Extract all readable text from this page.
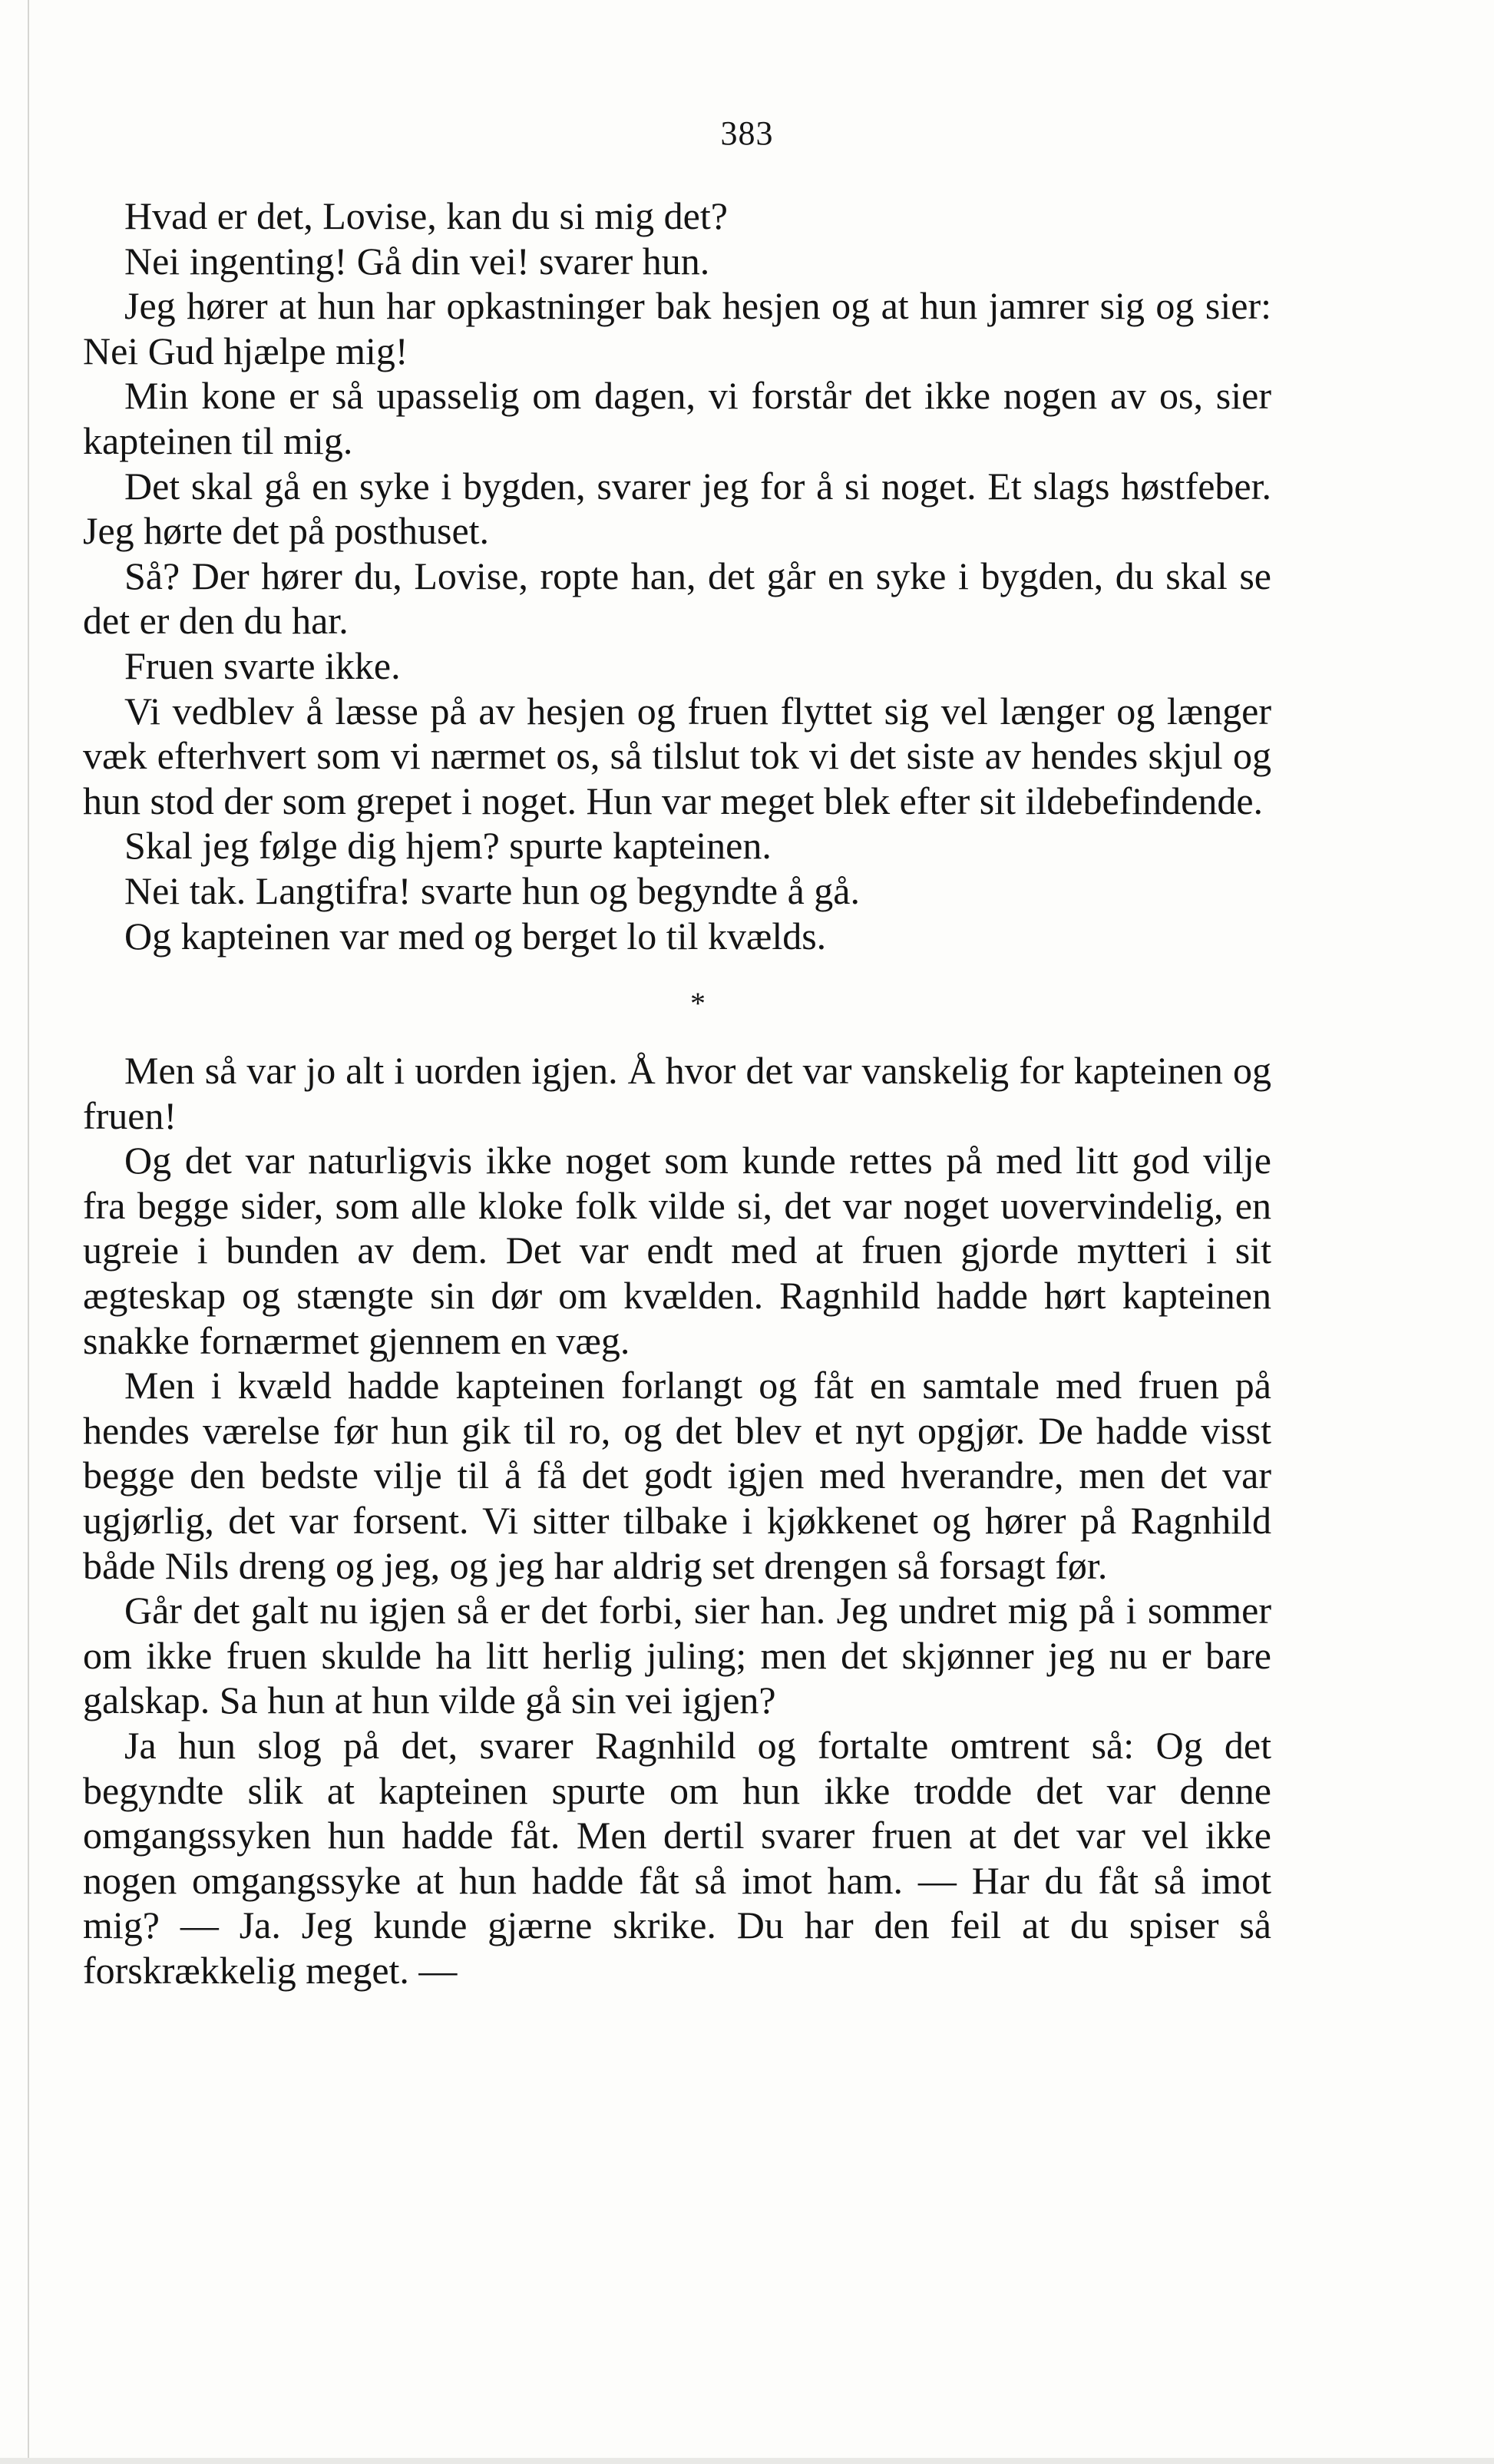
383

Hvad er det, Lovise, kan du si mig det?

Nei ingenting! Gå din vei! svarer hun.

Jeg hører at hun har opkastninger bak hesjen og at hun jamrer sig og sier: Nei Gud hjælpe mig!

Min kone er så upasselig om dagen, vi forstår det ikke nogen av os, sier kapteinen til mig.

Det skal gå en syke i bygden, svarer jeg for å si noget. Et slags høstfeber. Jeg hørte det på posthuset.

Så? Der hører du, Lovise, ropte han, det går en syke i bygden, du skal se det er den du har.

Fruen svarte ikke.

Vi vedblev å læsse på av hesjen og fruen flyttet sig vel længer og længer væk efterhvert som vi nærmet os, så tilslut tok vi det siste av hendes skjul og hun stod der som grepet i noget. Hun var meget blek efter sit ildebefindende.

Skal jeg følge dig hjem? spurte kapteinen.

Nei tak. Langtifra! svarte hun og begyndte å gå.

Og kapteinen var med og berget lo til kvælds.

*

Men så var jo alt i uorden igjen. Å hvor det var vanskelig for kapteinen og fruen!

Og det var naturligvis ikke noget som kunde rettes på med litt god vilje fra begge sider, som alle kloke folk vilde si, det var noget uovervindelig, en ugreie i bunden av dem. Det var endt med at fruen gjorde mytteri i sit ægteskap og stængte sin dør om kvælden. Ragnhild hadde hørt kapteinen snakke fornærmet gjennem en væg.

Men i kvæld hadde kapteinen forlangt og fåt en samtale med fruen på hendes værelse før hun gik til ro, og det blev et nyt opgjør. De hadde visst begge den bedste vilje til å få det godt igjen med hverandre, men det var ugjørlig, det var forsent. Vi sitter tilbake i kjøkkenet og hører på Ragnhild både Nils dreng og jeg, og jeg har aldrig set drengen så forsagt før.

Går det galt nu igjen så er det forbi, sier han. Jeg undret mig på i sommer om ikke fruen skulde ha litt herlig juling; men det skjønner jeg nu er bare galskap. Sa hun at hun vilde gå sin vei igjen?

Ja hun slog på det, svarer Ragnhild og fortalte omtrent så: Og det begyndte slik at kapteinen spurte om hun ikke trodde det var denne omgangssyken hun hadde fåt. Men dertil svarer fruen at det var vel ikke nogen omgangssyke at hun hadde fåt så imot ham. — Har du fåt så imot mig? — Ja. Jeg kunde gjærne skrike. Du har den feil at du spiser så forskrækkelig meget. —
